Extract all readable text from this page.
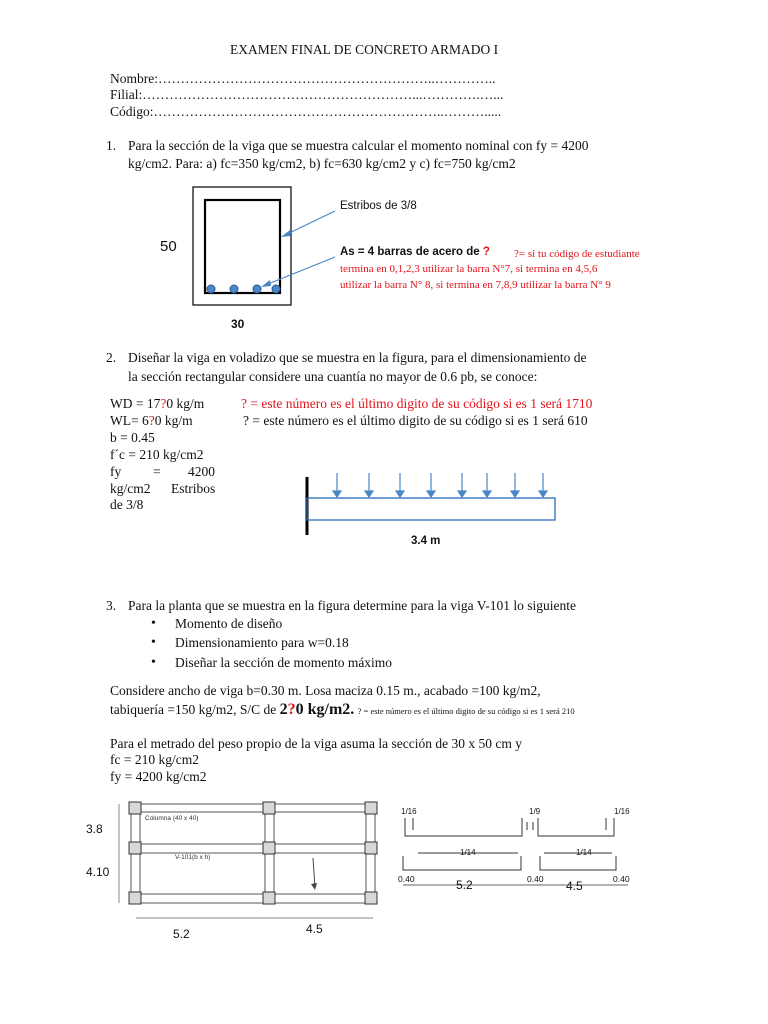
EXAMEN FINAL DE CONCRETO ARMADO I
Nombre:……………………………………………………..…………..
Filial:……………………………………………………...………….…...
Código:………………………………………………………..……….....
1. Para la sección de la viga que se muestra calcular el momento nominal con fy = 4200
kg/cm2. Para: a) fc=350 kg/cm2, b) fc=630 kg/cm2 y c) fc=750 kg/cm2
50
30
Estribos de 3/8
As = 4 barras de acero de ? ?= si tu código de estudiante
termina en 0,1,2,3 utilizar la barra N°7, si termina en 4,5,6
utilizar la barra N° 8, si termina en 7,8,9 utilizar la barra N° 9
2. Diseñar la viga en voladizo que se muestra en la figura, para el dimensionamiento de
la sección rectangular considere una cuantía no mayor de 0.6 pb, se conoce:
WD = 17?0 kg/m	? = este número es el último digito de su código si es 1 será 1710
WL= 6?0 kg/m	? = este número es el último digito de su código si es 1 será 610
b = 0.45
f´c = 210 kg/cm2
fy = 4200
kg/cm2 Estribos
de 3/8
3.4 m
3. Para la planta que se muestra en la figura determine para la viga V-101 lo siguiente
• Momento de diseño
• Dimensionamiento para w=0.18
• Diseñar la sección de momento máximo
Considere ancho de viga b=0.30 m. Losa maciza 0.15 m., acabado =100 kg/m2,
tabiquería =150 kg/m2, S/C de 2?0 kg/m2. ? = este número es el último digito de su código si es 1 será 210
Para el metrado del peso propio de la viga asuma la sección de 30 x 50 cm y
fc = 210 kg/cm2
fy = 4200 kg/cm2
3.8
4.10
5.2	4.5
Columna (40 x 40)
V-101(b x h)
1/16	1/9	1/16
1/14	1/14
0.40	0.40	0.40
5.2	4.5
